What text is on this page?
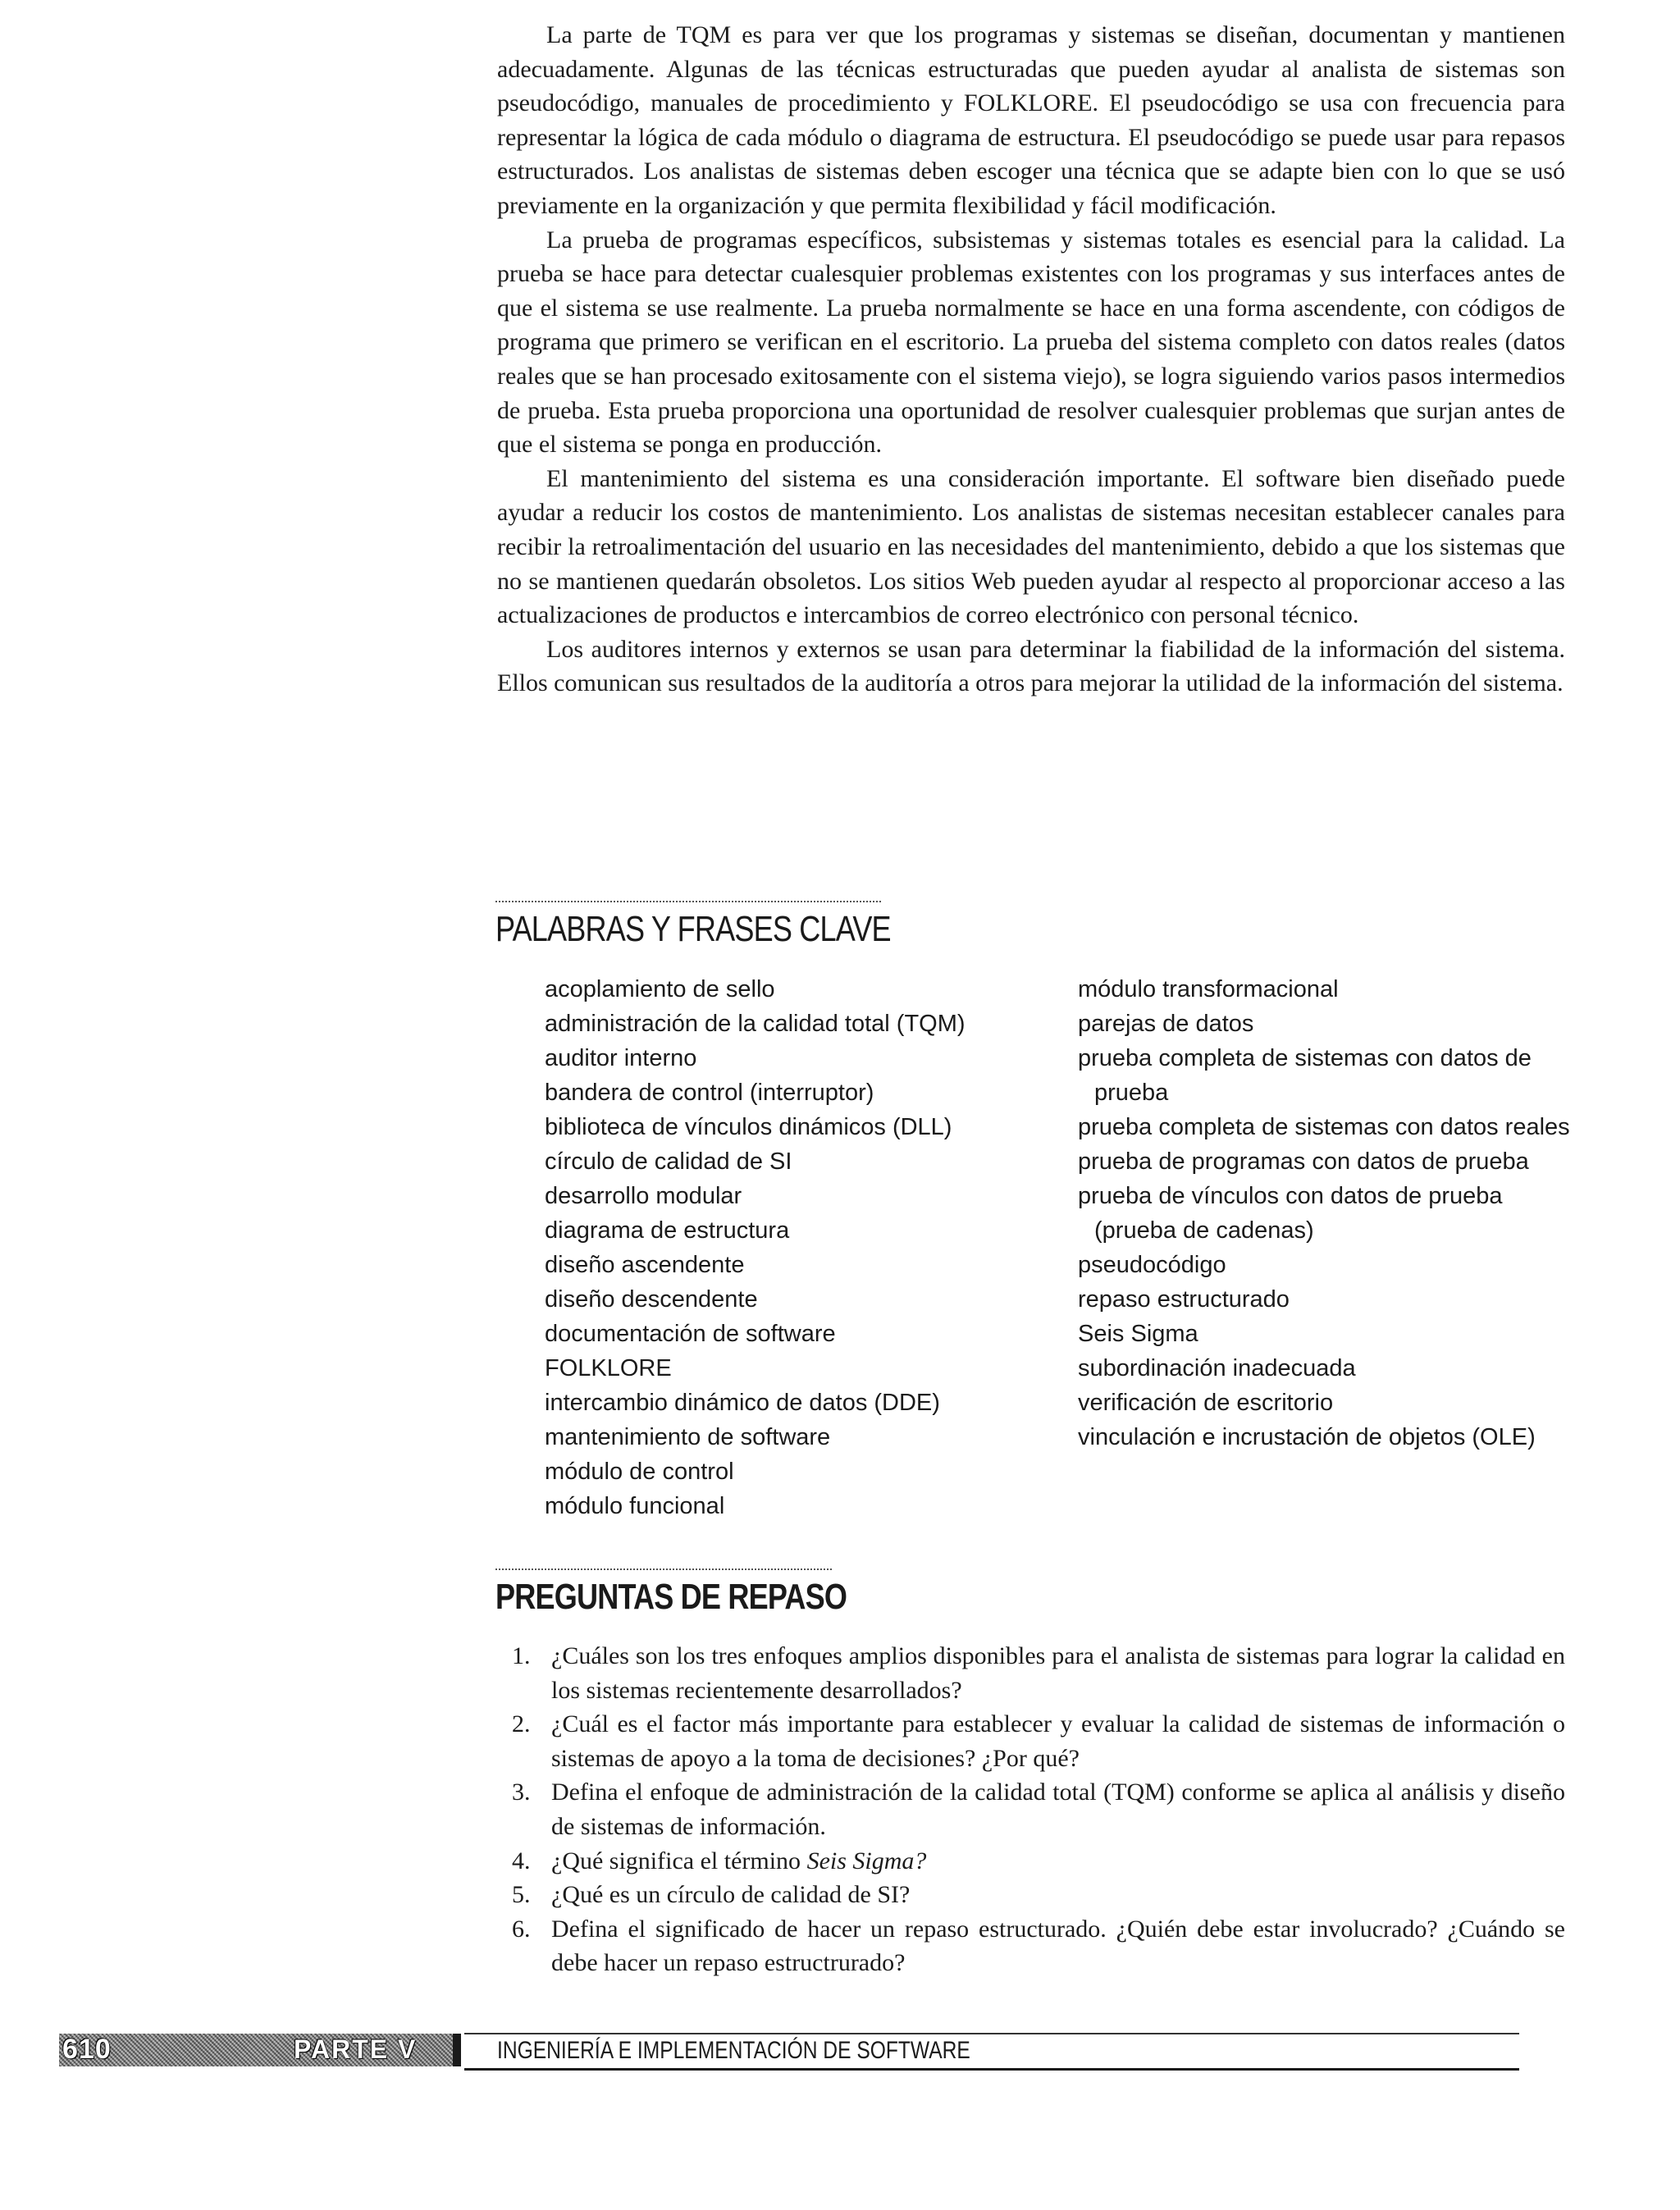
La parte de TQM es para ver que los programas y sistemas se diseñan, documentan y mantienen adecuadamente. Algunas de las técnicas estructuradas que pueden ayudar al analista de sistemas son pseudocódigo, manuales de procedimiento y FOLKLORE. El pseudocódigo se usa con frecuencia para representar la lógica de cada módulo o diagrama de estructura. El pseudocódigo se puede usar para repasos estructurados. Los analistas de sistemas deben escoger una técnica que se adapte bien con lo que se usó previamente en la organización y que permita flexibilidad y fácil modificación.

La prueba de programas específicos, subsistemas y sistemas totales es esencial para la calidad. La prueba se hace para detectar cualesquier problemas existentes con los programas y sus interfaces antes de que el sistema se use realmente. La prueba normalmente se hace en una forma ascendente, con códigos de programa que primero se verifican en el escritorio. La prueba del sistema completo con datos reales (datos reales que se han procesado exitosamente con el sistema viejo), se logra siguiendo varios pasos intermedios de prueba. Esta prueba proporciona una oportunidad de resolver cualesquier problemas que surjan antes de que el sistema se ponga en producción.

El mantenimiento del sistema es una consideración importante. El software bien diseñado puede ayudar a reducir los costos de mantenimiento. Los analistas de sistemas necesitan establecer canales para recibir la retroalimentación del usuario en las necesidades del mantenimiento, debido a que los sistemas que no se mantienen quedarán obsoletos. Los sitios Web pueden ayudar al respecto al proporcionar acceso a las actualizaciones de productos e intercambios de correo electrónico con personal técnico.

Los auditores internos y externos se usan para determinar la fiabilidad de la información del sistema. Ellos comunican sus resultados de la auditoría a otros para mejorar la utilidad de la información del sistema.

PALABRAS Y FRASES CLAVE
acoplamiento de sello
administración de la calidad total (TQM)
auditor interno
bandera de control (interruptor)
biblioteca de vínculos dinámicos (DLL)
círculo de calidad de SI
desarrollo modular
diagrama de estructura
diseño ascendente
diseño descendente
documentación de software
FOLKLORE
intercambio dinámico de datos (DDE)
mantenimiento de software
módulo de control
módulo funcional
módulo transformacional
parejas de datos
prueba completa de sistemas con datos de prueba
prueba completa de sistemas con datos reales
prueba de programas con datos de prueba
prueba de vínculos con datos de prueba (prueba de cadenas)
pseudocódigo
repaso estructurado
Seis Sigma
subordinación inadecuada
verificación de escritorio
vinculación e incrustación de objetos (OLE)
PREGUNTAS DE REPASO
1. ¿Cuáles son los tres enfoques amplios disponibles para el analista de sistemas para lograr la calidad en los sistemas recientemente desarrollados?
2. ¿Cuál es el factor más importante para establecer y evaluar la calidad de sistemas de información o sistemas de apoyo a la toma de decisiones? ¿Por qué?
3. Defina el enfoque de administración de la calidad total (TQM) conforme se aplica al análisis y diseño de sistemas de información.
4. ¿Qué significa el término Seis Sigma?
5. ¿Qué es un círculo de calidad de SI?
6. Defina el significado de hacer un repaso estructurado. ¿Quién debe estar involucrado? ¿Cuándo se debe hacer un repaso estructrurado?
610	PARTE V	INGENIERÍA E IMPLEMENTACIÓN DE SOFTWARE
